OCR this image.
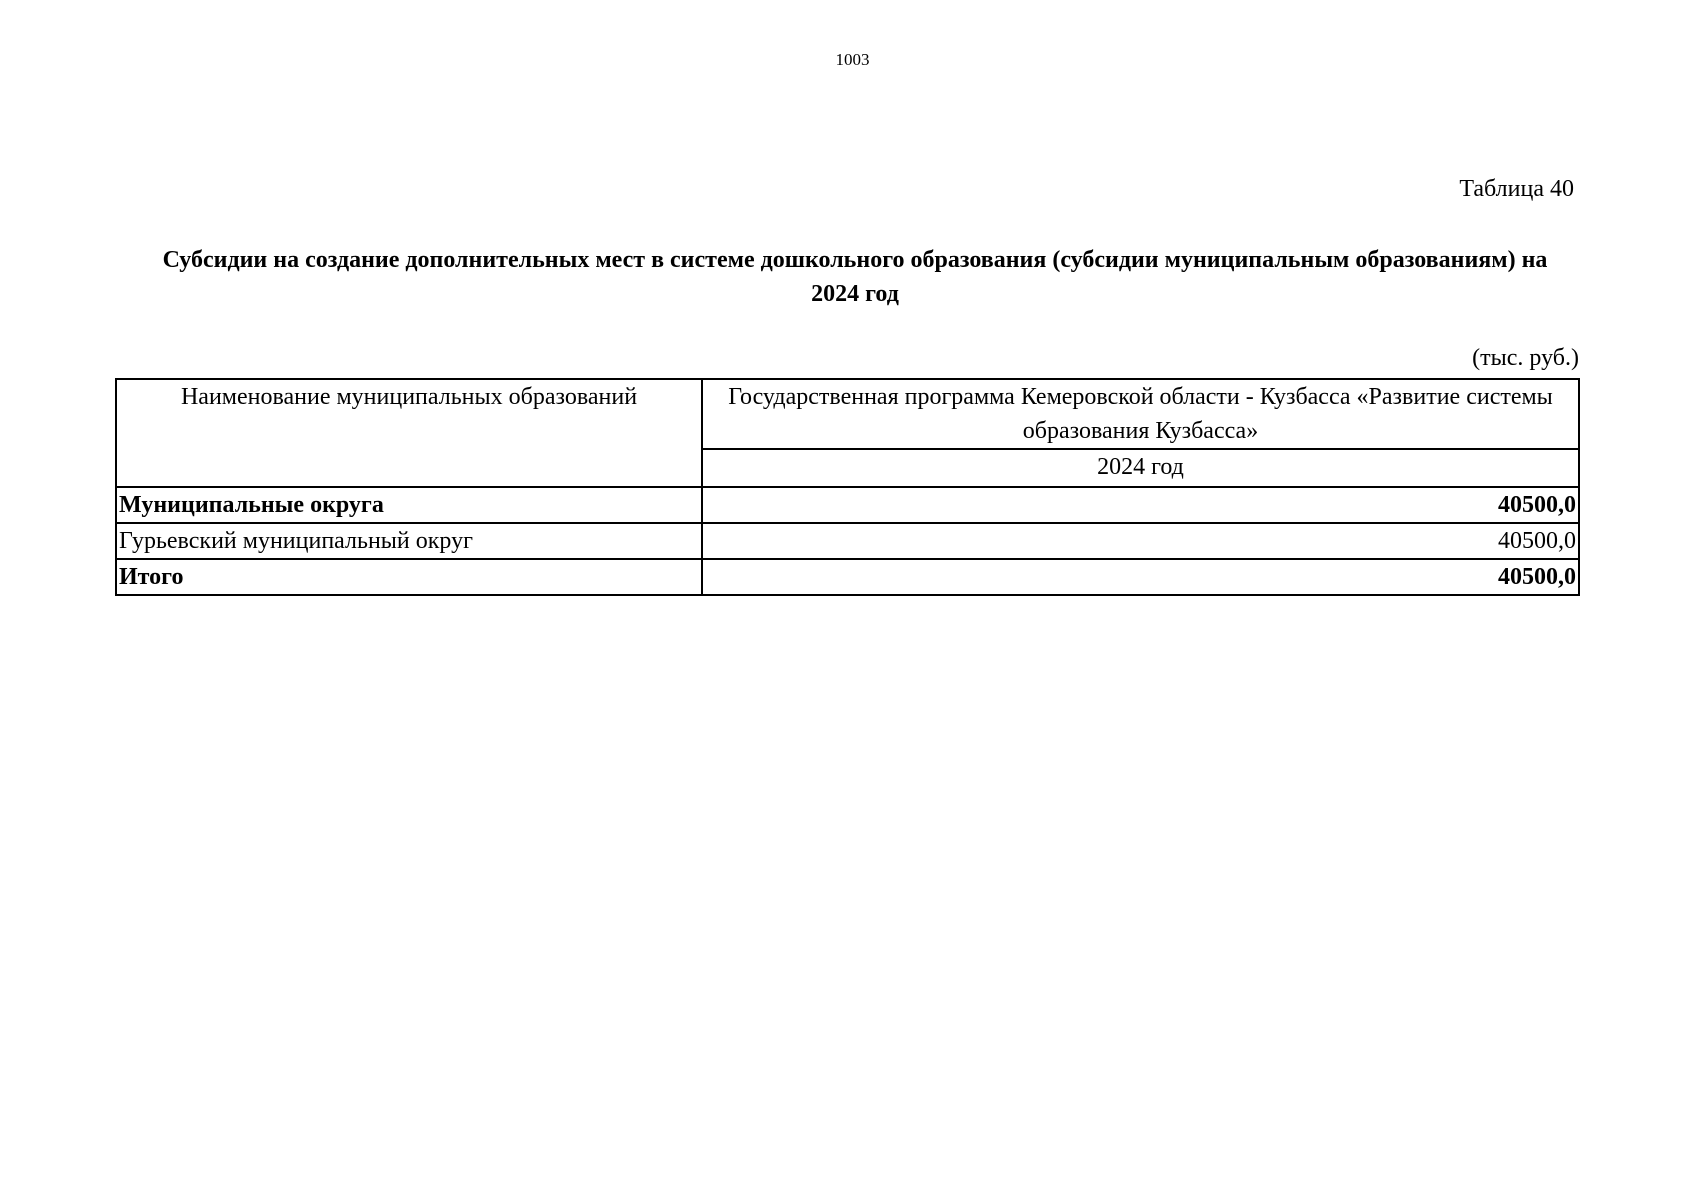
1003
Таблица 40
Субсидии на создание дополнительных мест в системе дошкольного образования (субсидии муниципальным образованиям) на 2024 год
(тыс. руб.)
Наименование муниципальных образований	Государственная программа Кемеровской области - Кузбасса «Развитие системы образования Кузбасса»
	2024 год
Муниципальные округа	40500,0
Гурьевский муниципальный округ	40500,0
Итого	40500,0
